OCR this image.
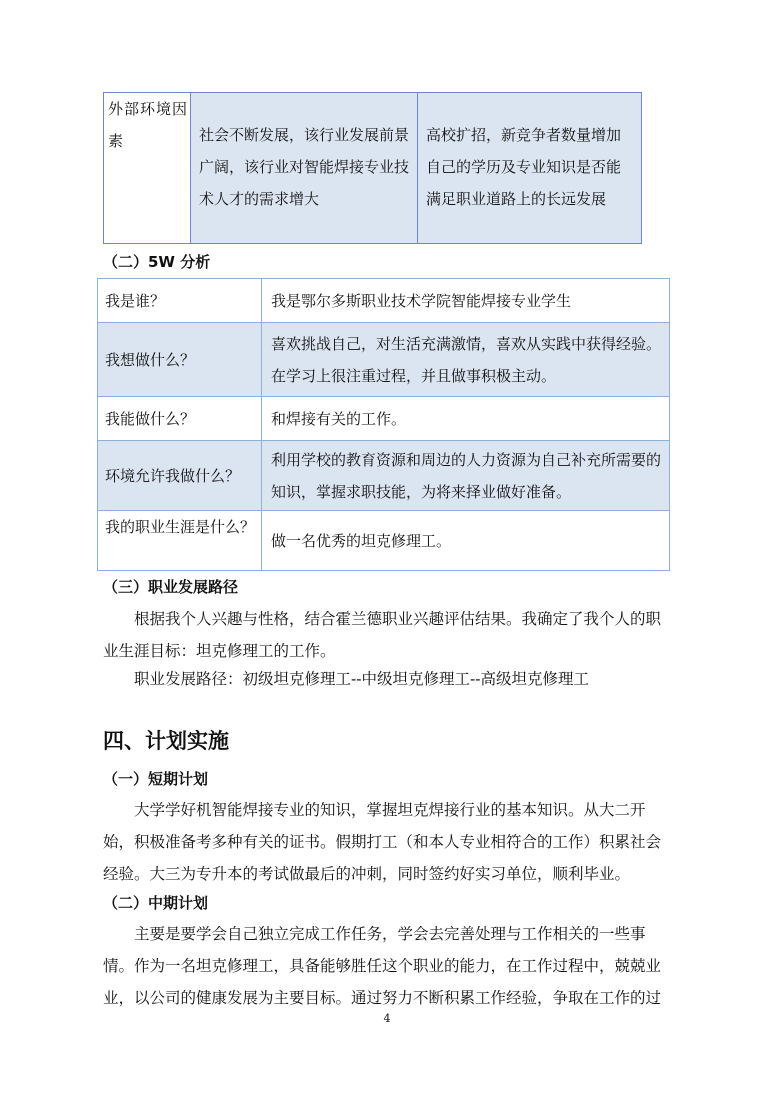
外部环境因素	社会不断发展，该行业发展前景广阔，该行业对智能焊接专业技术人才的需求增大	高校扩招，新竞争者数量增加自己的学历及专业知识是否能满足职业道路上的长远发展
（二）5W 分析
我是谁？	我是鄂尔多斯职业技术学院智能焊接专业学生
我想做什么？	喜欢挑战自己，对生活充满激情，喜欢从实践中获得经验。在学习上很注重过程，并且做事积极主动。
我能做什么？	和焊接有关的工作。
环境允许我做什么？	利用学校的教育资源和周边的人力资源为自己补充所需要的知识，掌握求职技能，为将来择业做好准备。
我的职业生涯是什么？	做一名优秀的坦克修理工。
（三）职业发展路径
根据我个人兴趣与性格，结合霍兰德职业兴趣评估结果。我确定了我个人的职业生涯目标：坦克修理工的工作。
职业发展路径：初级坦克修理工--中级坦克修理工--高级坦克修理工
四、计划实施
（一）短期计划
大学学好机智能焊接专业的知识，掌握坦克焊接行业的基本知识。从大二开始，积极准备考多种有关的证书。假期打工（和本人专业相符合的工作）积累社会经验。大三为专升本的考试做最后的冲刺，同时签约好实习单位，顺利毕业。
（二）中期计划
主要是要学会自己独立完成工作任务，学会去完善处理与工作相关的一些事情。作为一名坦克修理工，具备能够胜任这个职业的能力，在工作过程中，兢兢业业，以公司的健康发展为主要目标。通过努力不断积累工作经验，争取在工作的过
4
